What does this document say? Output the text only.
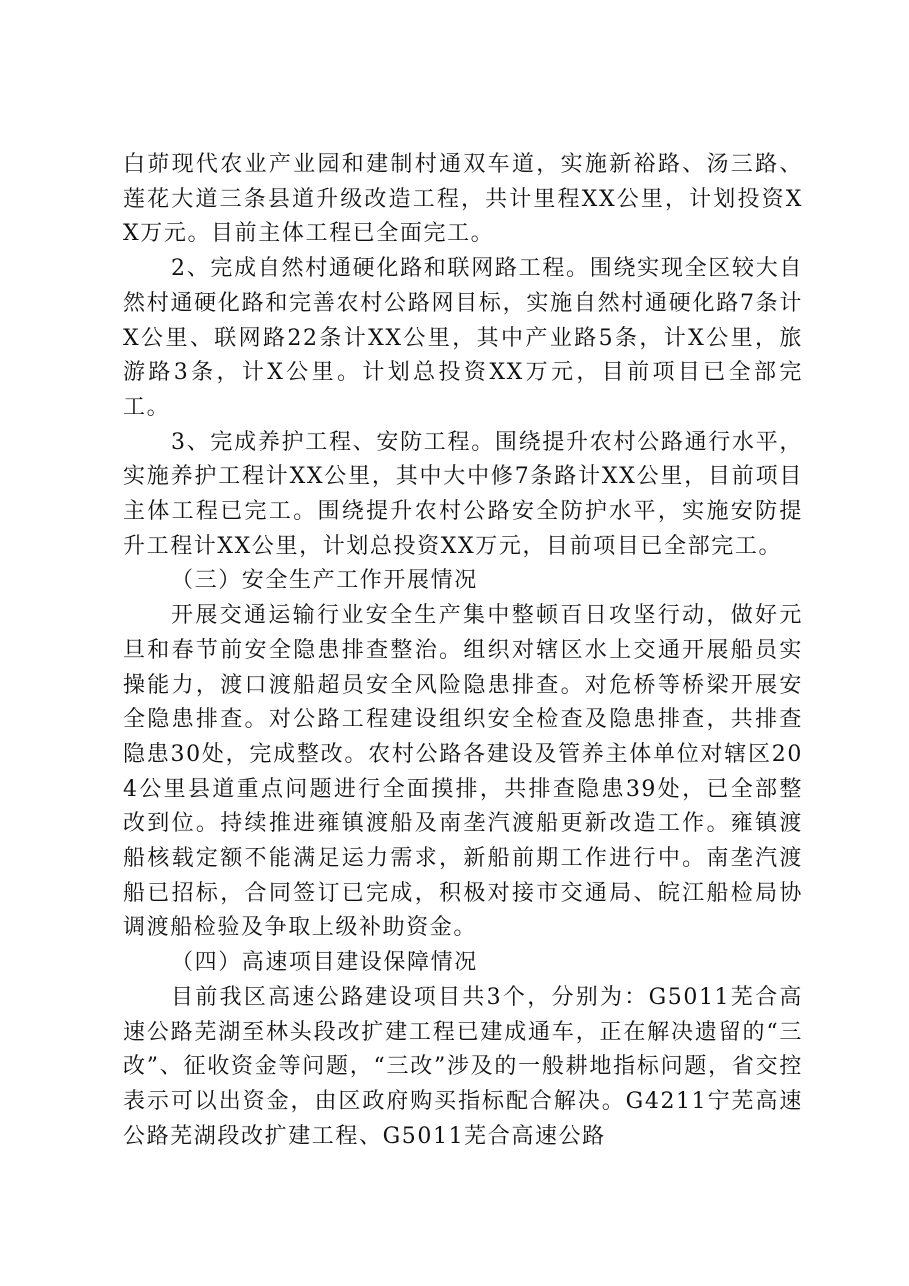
白茆现代农业产业园和建制村通双车道，实施新裕路、汤三路、莲花大道三条县道升级改造工程，共计里程XX公里，计划投资XX万元。目前主体工程已全面完工。

2、完成自然村通硬化路和联网路工程。围绕实现全区较大自然村通硬化路和完善农村公路网目标，实施自然村通硬化路7条计X公里、联网路22条计XX公里，其中产业路5条，计X公里，旅游路3条，计X公里。计划总投资XX万元，目前项目已全部完工。

3、完成养护工程、安防工程。围绕提升农村公路通行水平，实施养护工程计XX公里，其中大中修7条路计XX公里，目前项目主体工程已完工。围绕提升农村公路安全防护水平，实施安防提升工程计XX公里，计划总投资XX万元，目前项目已全部完工。

（三）安全生产工作开展情况

开展交通运输行业安全生产集中整顿百日攻坚行动，做好元旦和春节前安全隐患排查整治。组织对辖区水上交通开展船员实操能力，渡口渡船超员安全风险隐患排查。对危桥等桥梁开展安全隐患排查。对公路工程建设组织安全检查及隐患排查，共排查隐患30处，完成整改。农村公路各建设及管养主体单位对辖区204公里县道重点问题进行全面摸排，共排查隐患39处，已全部整改到位。持续推进雍镇渡船及南垄汽渡船更新改造工作。雍镇渡船核载定额不能满足运力需求，新船前期工作进行中。南垄汽渡船已招标，合同签订已完成，积极对接市交通局、皖江船检局协调渡船检验及争取上级补助资金。

（四）高速项目建设保障情况

目前我区高速公路建设项目共3个，分别为：G5011芜合高速公路芜湖至林头段改扩建工程已建成通车，正在解决遗留的“三改”、征收资金等问题，“三改”涉及的一般耕地指标问题，省交控表示可以出资金，由区政府购买指标配合解决。G4211宁芜高速公路芜湖段改扩建工程、G5011芜合高速公路
